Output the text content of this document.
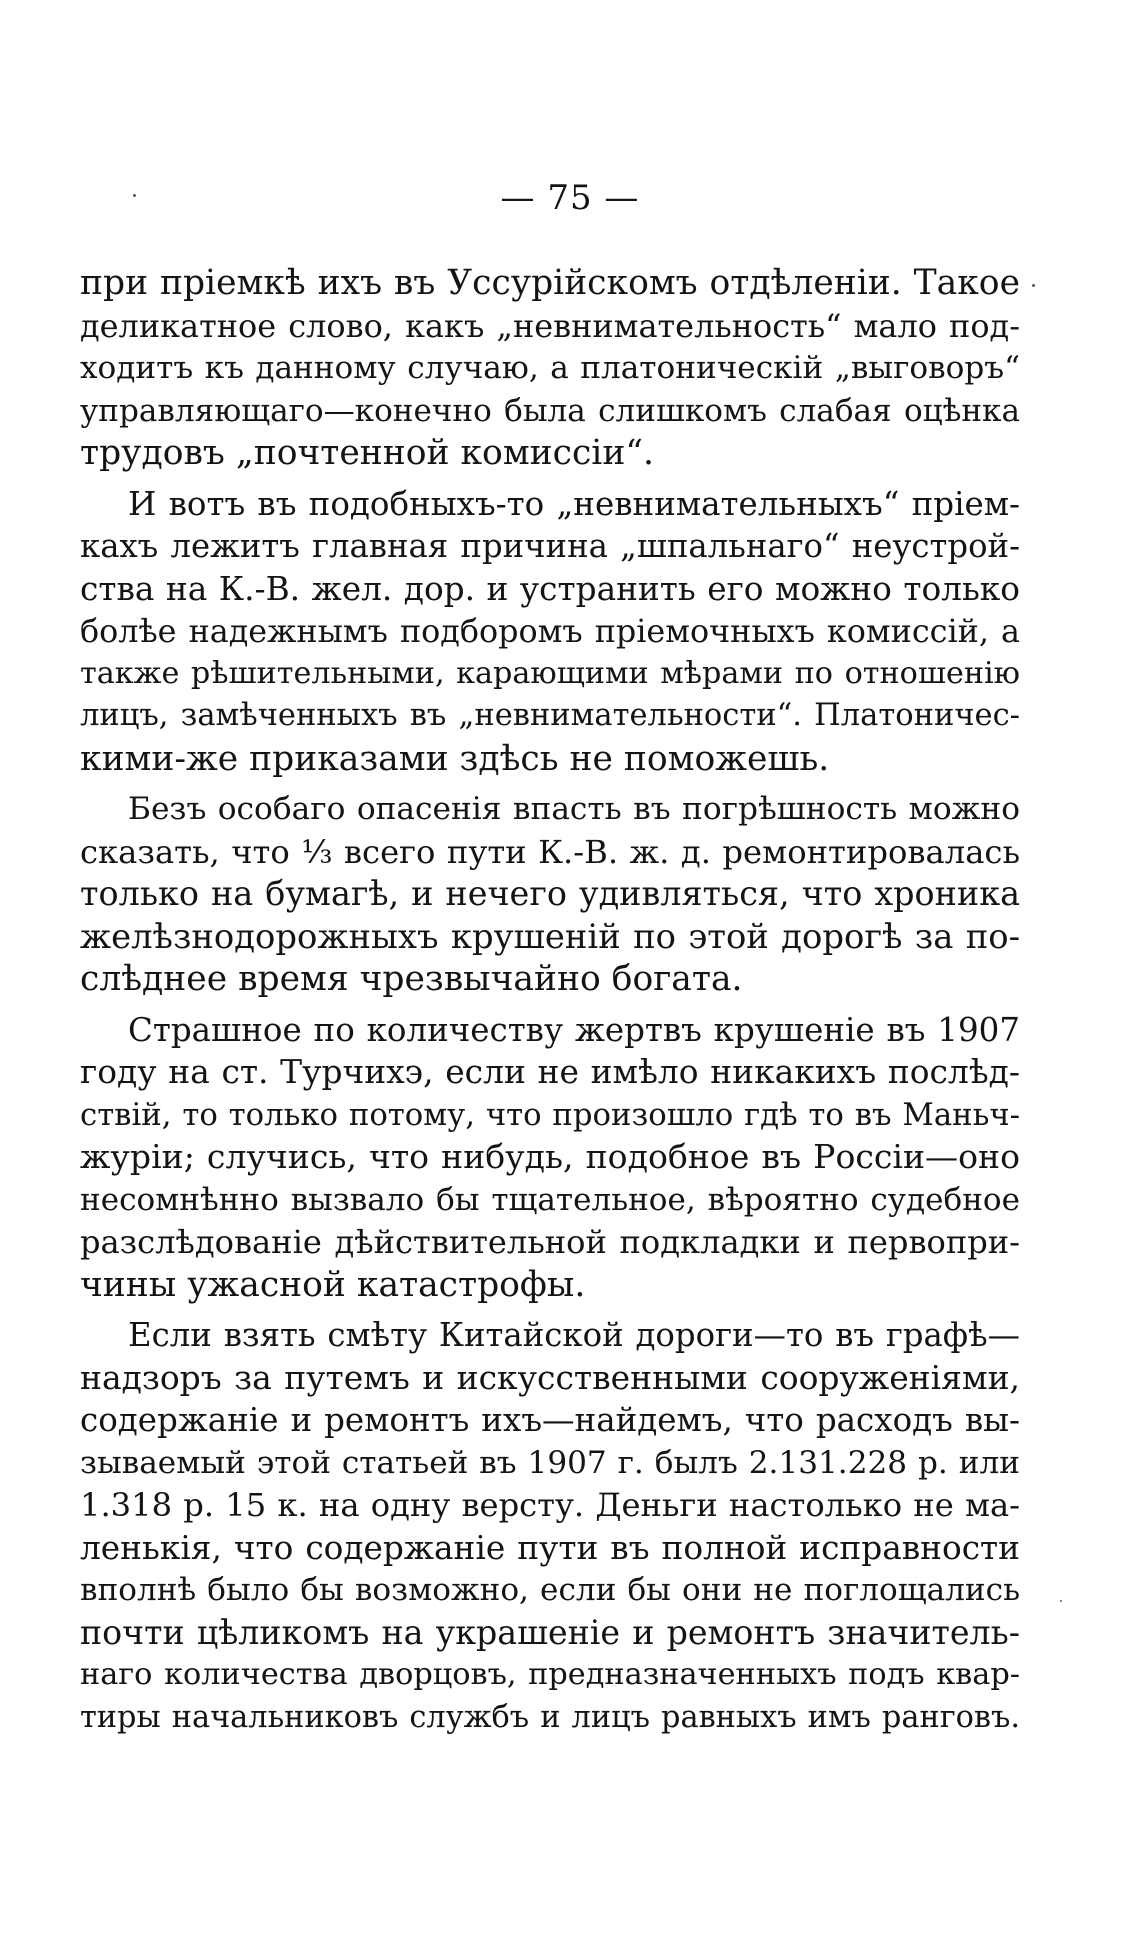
— 75 —
при пріемкѣ ихъ въ Уссурійскомъ отдѣленіи. Такое
деликатное слово, какъ „невнимательность“ мало под-
ходитъ къ данному случаю, а платоническій „выговоръ“
управляющаго—конечно была слишкомъ слабая оцѣнка
трудовъ „почтенной комиссіи“.
И вотъ въ подобныхъ-то „невнимательныхъ“ пріем-
кахъ лежитъ главная причина „шпальнаго“ неустрой-
ства на К.-В. жел. дор. и устранить его можно только
болѣе надежнымъ подборомъ пріемочныхъ комиссій, а
также рѣшительными, карающими мѣрами по отношенію
лицъ, замѣченныхъ въ „невнимательности“. Платоничес-
кими-же приказами здѣсь не поможешь.
Безъ особаго опасенія впасть въ погрѣшность можно
сказать, что ⅓ всего пути К.-В. ж. д. ремонтировалась
только на бумагѣ, и нечего удивляться, что хроника
желѣзнодорожныхъ крушеній по этой дорогѣ за по-
слѣднее время чрезвычайно богата.
Страшное по количеству жертвъ крушеніе въ 1907
году на ст. Турчихэ, если не имѣло никакихъ послѣд-
ствій, то только потому, что произошло гдѣ то въ Маньч-
журіи; случись, что нибудь, подобное въ Россіи—оно
несомнѣнно вызвало бы тщательное, вѣроятно судебное
разслѣдованіе дѣйствительной подкладки и первопри-
чины ужасной катастрофы.
Если взять смѣту Китайской дороги—то въ графѣ—
надзоръ за путемъ и искусственными сооруженіями,
содержаніе и ремонтъ ихъ—найдемъ, что расходъ вы-
зываемый этой статьей въ 1907 г. былъ 2.131.228 р. или
1.318 р. 15 к. на одну версту. Деньги настолько не ма-
ленькія, что содержаніе пути въ полной исправности
вполнѣ было бы возможно, если бы они не поглощались
почти цѣликомъ на украшеніе и ремонтъ значитель-
наго количества дворцовъ, предназначенныхъ подъ квар-
тиры начальниковъ службъ и лицъ равныхъ имъ ранговъ.
